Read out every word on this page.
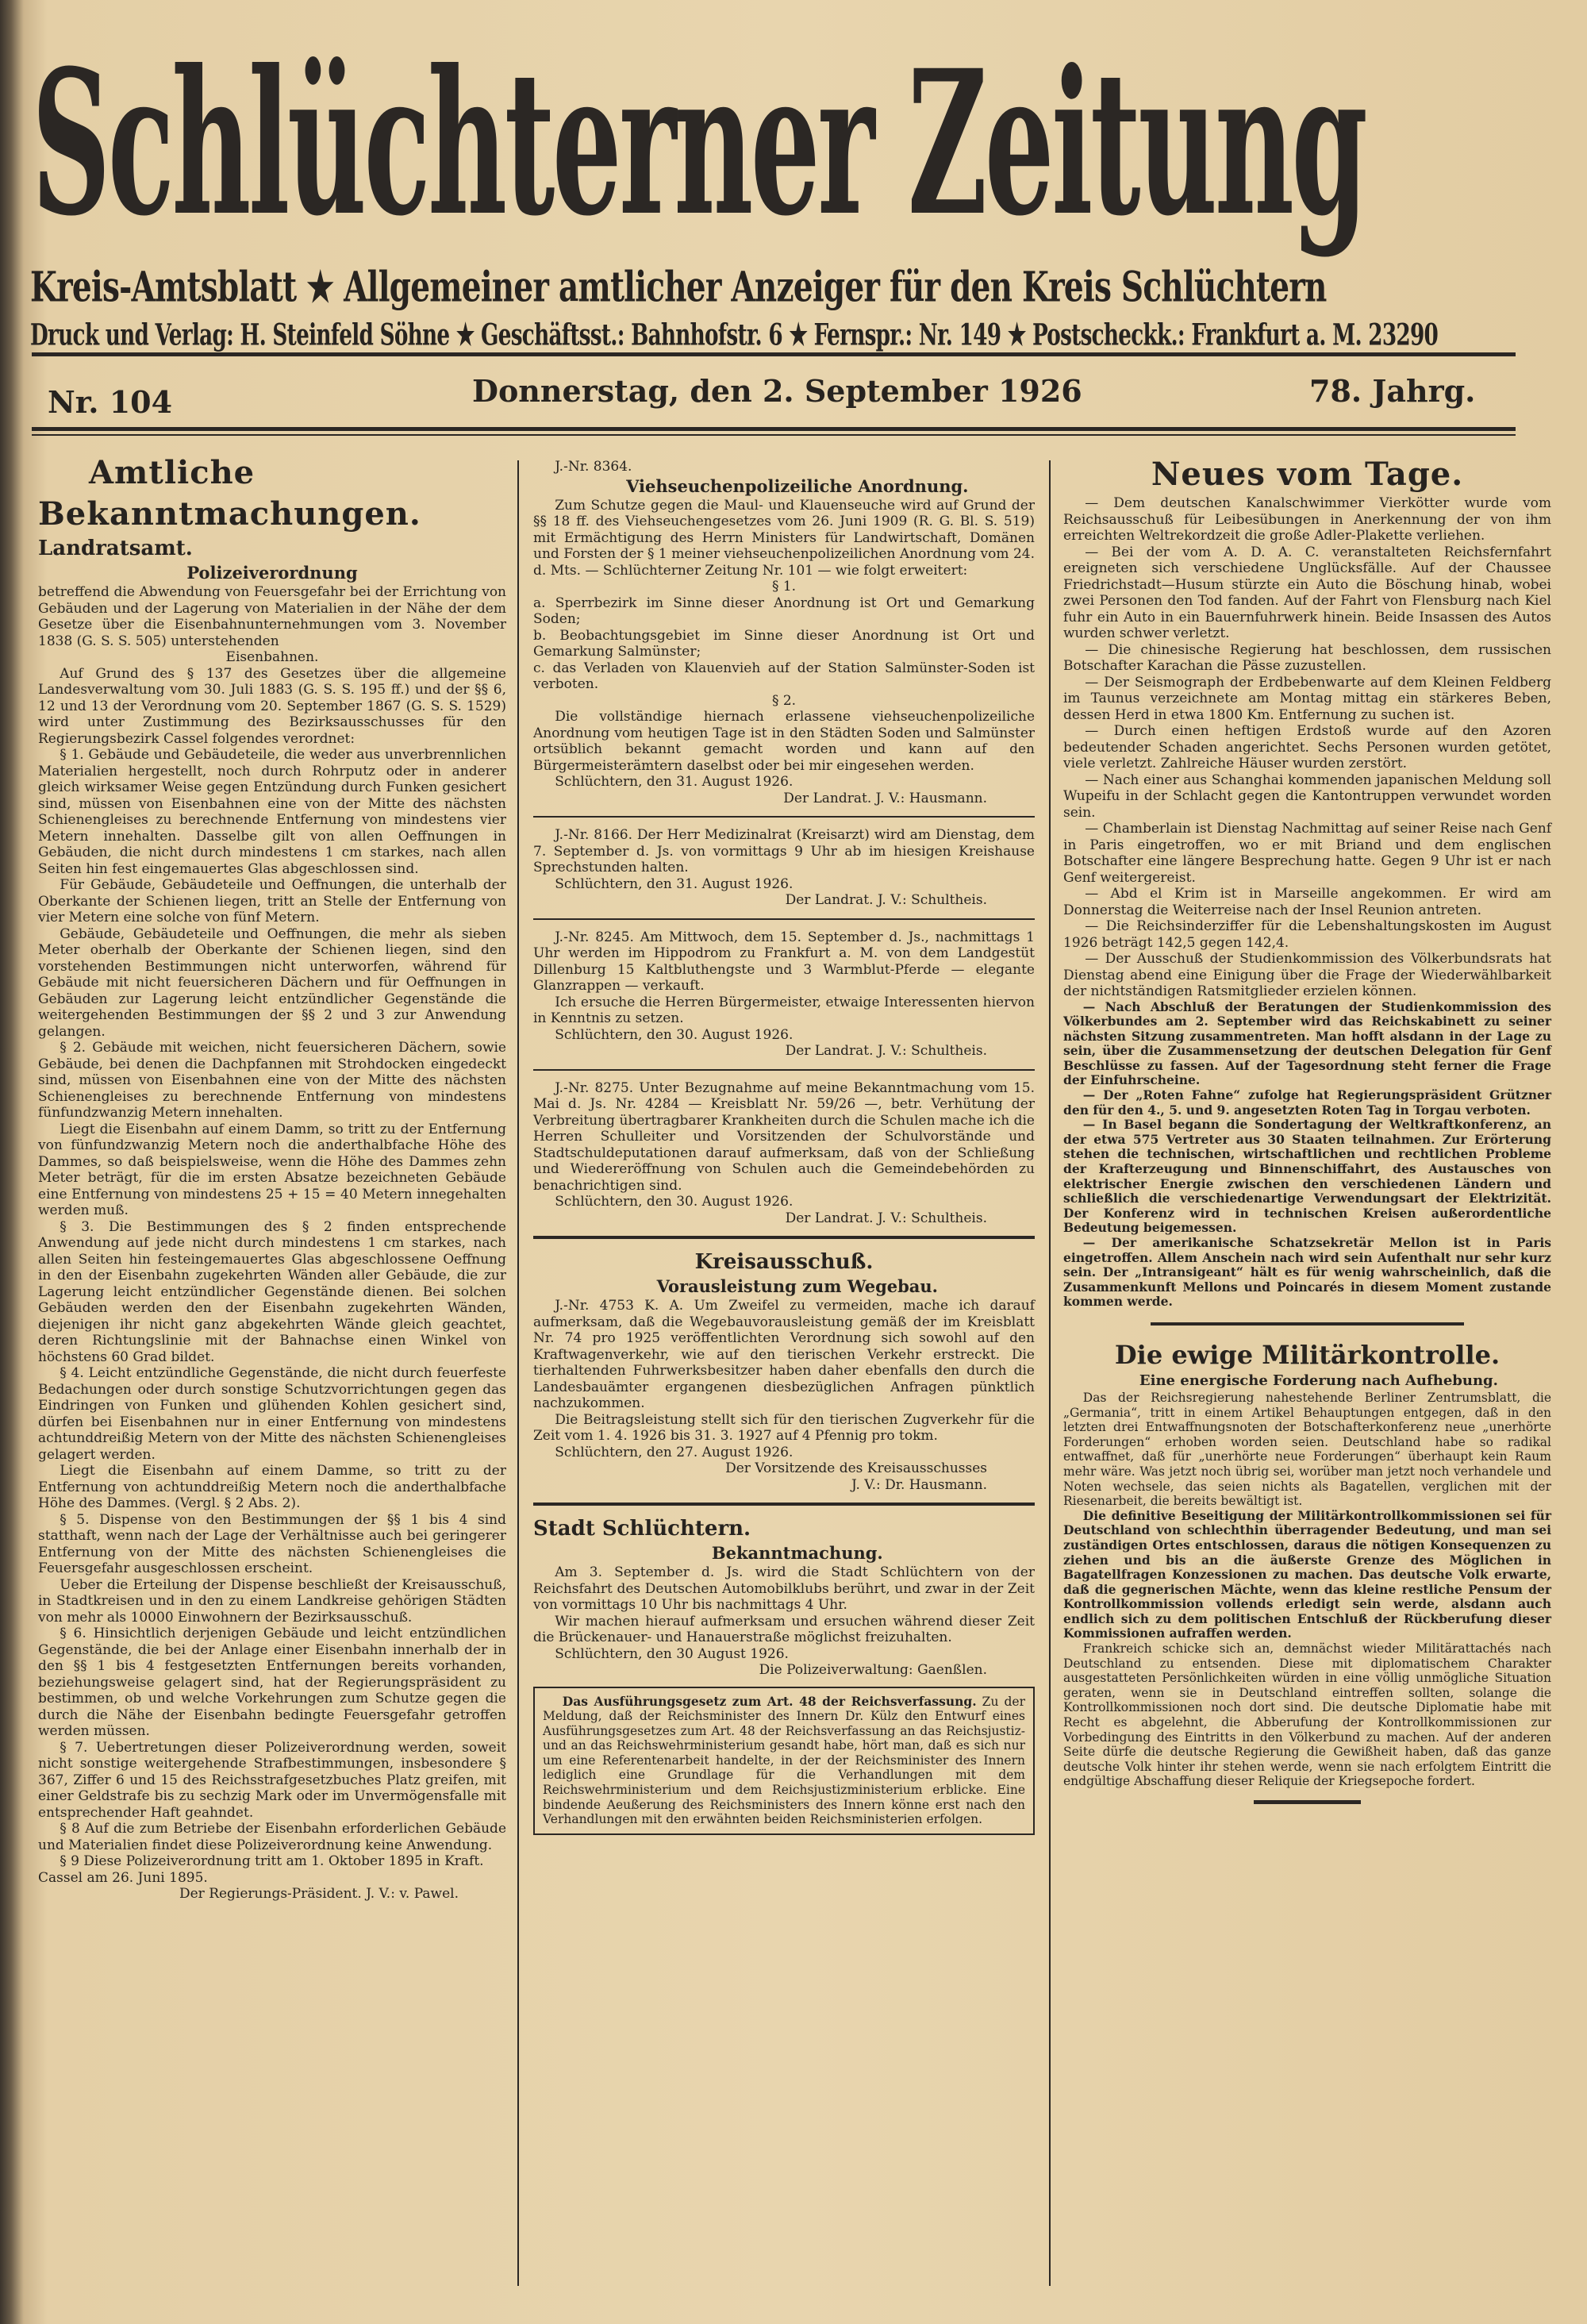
Schlüchterner Zeitung
Kreis-Amtsblatt ★ Allgemeiner amtlicher Anzeiger für den Kreis Schlüchtern
Druck und Verlag: H. Steinfeld Söhne ★ Geschäftsst.: Bahnhofstr. 6 ★ Fernspr.: Nr. 149 ★ Postscheckk.: Frankfurt a. M. 23290
Nr. 104	Donnerstag, den 2. September 1926	78. Jahrg.

Amtliche Bekanntmachungen.

Landratsamt.

Polizeiverordnung

betreffend die Abwendung von Feuersgefahr bei der Errichtung von Gebäuden und der Lagerung von Materialien in der Nähe der dem Gesetze über die Eisenbahnunternehmungen vom 3. November 1838 (G. S. S. 505) unterstehenden

Eisenbahnen.

Auf Grund des § 137 des Gesetzes über die allgemeine Landesverwaltung vom 30. Juli 1883 (G. S. S. 195 ff.) und der §§ 6, 12 und 13 der Verordnung vom 20. September 1867 (G. S. S. 1529) wird unter Zustimmung des Bezirksausschusses für den Regierungsbezirk Cassel folgendes verordnet:

§ 1. Gebäude und Gebäudeteile, die weder aus unverbrennlichen Materialien hergestellt, noch durch Rohrputz oder in anderer gleich wirksamer Weise gegen Entzündung durch Funken gesichert sind, müssen von Eisenbahnen eine von der Mitte des nächsten Schienengleises zu berechnende Entfernung von mindestens vier Metern innehalten. Dasselbe gilt von allen Oeffnungen in Gebäuden, die nicht durch mindestens 1 cm starkes, nach allen Seiten hin fest eingemauertes Glas abgeschlossen sind.

Für Gebäude, Gebäudeteile und Oeffnungen, die unterhalb der Oberkante der Schienen liegen, tritt an Stelle der Entfernung von vier Metern eine solche von fünf Metern.

Gebäude, Gebäudeteile und Oeffnungen, die mehr als sieben Meter oberhalb der Oberkante der Schienen liegen, sind den vorstehenden Bestimmungen nicht unterworfen, während für Gebäude mit nicht feuersicheren Dächern und für Oeffnungen in Gebäuden zur Lagerung leicht entzündlicher Gegenstände die weitergehenden Bestimmungen der §§ 2 und 3 zur Anwendung gelangen.

§ 2. Gebäude mit weichen, nicht feuersicheren Dächern, sowie Gebäude, bei denen die Dachpfannen mit Strohdocken eingedeckt sind, müssen von Eisenbahnen eine von der Mitte des nächsten Schienengleises zu berechnende Entfernung von mindestens fünfundzwanzig Metern innehalten.

Liegt die Eisenbahn auf einem Damm, so tritt zu der Entfernung von fünfundzwanzig Metern noch die anderthalbfache Höhe des Dammes, so daß beispielsweise, wenn die Höhe des Dammes zehn Meter beträgt, für die im ersten Absatze bezeichneten Gebäude eine Entfernung von mindestens 25 + 15 = 40 Metern innegehalten werden muß.

§ 3. Die Bestimmungen des § 2 finden entsprechende Anwendung auf jede nicht durch mindestens 1 cm starkes, nach allen Seiten hin festeingemauertes Glas abgeschlossene Oeffnung in den der Eisenbahn zugekehrten Wänden aller Gebäude, die zur Lagerung leicht entzündlicher Gegenstände dienen. Bei solchen Gebäuden werden den der Eisenbahn zugekehrten Wänden, diejenigen ihr nicht ganz abgekehrten Wände gleich geachtet, deren Richtungslinie mit der Bahnachse einen Winkel von höchstens 60 Grad bildet.

§ 4. Leicht entzündliche Gegenstände, die nicht durch feuerfeste Bedachungen oder durch sonstige Schutzvorrichtungen gegen das Eindringen von Funken und glühenden Kohlen gesichert sind, dürfen bei Eisenbahnen nur in einer Entfernung von mindestens achtunddreißig Metern von der Mitte des nächsten Schienengleises gelagert werden.

Liegt die Eisenbahn auf einem Damme, so tritt zu der Entfernung von achtunddreißig Metern noch die anderthalbfache Höhe des Dammes. (Vergl. § 2 Abs. 2).

§ 5. Dispense von den Bestimmungen der §§ 1 bis 4 sind statthaft, wenn nach der Lage der Verhältnisse auch bei geringerer Entfernung von der Mitte des nächsten Schienengleises die Feuersgefahr ausgeschlossen erscheint.

Ueber die Erteilung der Dispense beschließt der Kreisausschuß, in Stadtkreisen und in den zu einem Landkreise gehörigen Städten von mehr als 10000 Einwohnern der Bezirksausschuß.

§ 6. Hinsichtlich derjenigen Gebäude und leicht entzündlichen Gegenstände, die bei der Anlage einer Eisenbahn innerhalb der in den §§ 1 bis 4 festgesetzten Entfernungen bereits vorhanden, beziehungsweise gelagert sind, hat der Regierungspräsident zu bestimmen, ob und welche Vorkehrungen zum Schutze gegen die durch die Nähe der Eisenbahn bedingte Feuersgefahr getroffen werden müssen.

§ 7. Uebertretungen dieser Polizeiverordnung werden, soweit nicht sonstige weitergehende Strafbestimmungen, insbesondere § 367, Ziffer 6 und 15 des Reichsstrafgesetzbuches Platz greifen, mit einer Geldstrafe bis zu sechzig Mark oder im Unvermögensfalle mit entsprechender Haft geahndet.

§ 8 Auf die zum Betriebe der Eisenbahn erforderlichen Gebäude und Materialien findet diese Polizeiverordnung keine Anwendung.

§ 9 Diese Polizeiverordnung tritt am 1. Oktober 1895 in Kraft.

Cassel am 26. Juni 1895.

Der Regierungs-Präsident. J. V.: v. Pawel.

J.-Nr. 8364.

Viehseuchenpolizeiliche Anordnung.

Zum Schutze gegen die Maul- und Klauenseuche wird auf Grund der §§ 18 ff. des Viehseuchengesetzes vom 26. Juni 1909 (R. G. Bl. S. 519) mit Ermächtigung des Herrn Ministers für Landwirtschaft, Domänen und Forsten der § 1 meiner viehseuchenpolizeilichen Anordnung vom 24. d. Mts. — Schlüchterner Zeitung Nr. 101 — wie folgt erweitert:

§ 1.

a. Sperrbezirk im Sinne dieser Anordnung ist Ort und Gemarkung Soden;

b. Beobachtungsgebiet im Sinne dieser Anordnung ist Ort und Gemarkung Salmünster;

c. das Verladen von Klauenvieh auf der Station Salmünster-Soden ist verboten.

§ 2.

Die vollständige hiernach erlassene viehseuchenpolizeiliche Anordnung vom heutigen Tage ist in den Städten Soden und Salmünster ortsüblich bekannt gemacht worden und kann auf den Bürgermeisterämtern daselbst oder bei mir eingesehen werden.

Schlüchtern, den 31. August 1926.

Der Landrat. J. V.: Hausmann.

J.-Nr. 8166. Der Herr Medizinalrat (Kreisarzt) wird am Dienstag, dem 7. September d. Js. von vormittags 9 Uhr ab im hiesigen Kreishause Sprechstunden halten.

Schlüchtern, den 31. August 1926.

Der Landrat. J. V.: Schultheis.

J.-Nr. 8245. Am Mittwoch, dem 15. September d. Js., nachmittags 1 Uhr werden im Hippodrom zu Frankfurt a. M. von dem Landgestüt Dillenburg 15 Kaltbluthengste und 3 Warmblut-Pferde — elegante Glanzrappen — verkauft.

Ich ersuche die Herren Bürgermeister, etwaige Interessenten hiervon in Kenntnis zu setzen.

Schlüchtern, den 30. August 1926.

Der Landrat. J. V.: Schultheis.

J.-Nr. 8275. Unter Bezugnahme auf meine Bekanntmachung vom 15. Mai d. Js. Nr. 4284 — Kreisblatt Nr. 59/26 —, betr. Verhütung der Verbreitung übertragbarer Krankheiten durch die Schulen mache ich die Herren Schulleiter und Vorsitzenden der Schulvorstände und Stadtschuldeputationen darauf aufmerksam, daß von der Schließung und Wiedereröffnung von Schulen auch die Gemeindebehörden zu benachrichtigen sind.

Schlüchtern, den 30. August 1926.

Der Landrat. J. V.: Schultheis.

Kreisausschuß.

Vorausleistung zum Wegebau.

J.-Nr. 4753 K. A. Um Zweifel zu vermeiden, mache ich darauf aufmerksam, daß die Wegebauvorausleistung gemäß der im Kreisblatt Nr. 74 pro 1925 veröffentlichten Verordnung sich sowohl auf den Kraftwagenverkehr, wie auf den tierischen Verkehr erstreckt. Die tierhaltenden Fuhrwerksbesitzer haben daher ebenfalls den durch die Landesbauämter ergangenen diesbezüglichen Anfragen pünktlich nachzukommen.

Die Beitragsleistung stellt sich für den tierischen Zugverkehr für die Zeit vom 1. 4. 1926 bis 31. 3. 1927 auf 4 Pfennig pro tokm.

Schlüchtern, den 27. August 1926.

Der Vorsitzende des Kreisausschusses

J. V.: Dr. Hausmann.

Stadt Schlüchtern.

Bekanntmachung.

Am 3. September d. Js. wird die Stadt Schlüchtern von der Reichsfahrt des Deutschen Automobilklubs berührt, und zwar in der Zeit von vormittags 10 Uhr bis nachmittags 4 Uhr.

Wir machen hierauf aufmerksam und ersuchen während dieser Zeit die Brückenauer- und Hanauerstraße möglichst freizuhalten.

Schlüchtern, den 30 August 1926.

Die Polizeiverwaltung: Gaenßlen.

Das Ausführungsgesetz zum Art. 48 der Reichsverfassung. Zu der Meldung, daß der Reichsminister des Innern Dr. Külz den Entwurf eines Ausführungsgesetzes zum Art. 48 der Reichsverfassung an das Reichsjustiz- und an das Reichswehrministerium gesandt habe, hört man, daß es sich nur um eine Referentenarbeit handelte, in der der Reichsminister des Innern lediglich eine Grundlage für die Verhandlungen mit dem Reichswehrministerium und dem Reichsjustizministerium erblicke. Eine bindende Aeußerung des Reichsministers des Innern könne erst nach den Verhandlungen mit den erwähnten beiden Reichsministerien erfolgen.

Neues vom Tage.

— Dem deutschen Kanalschwimmer Vierkötter wurde vom Reichsausschuß für Leibesübungen in Anerkennung der von ihm erreichten Weltrekordzeit die große Adler-Plakette verliehen.

— Bei der vom A. D. A. C. veranstalteten Reichsfernfahrt ereigneten sich verschiedene Unglücksfälle. Auf der Chaussee Friedrichstadt—Husum stürzte ein Auto die Böschung hinab, wobei zwei Personen den Tod fanden. Auf der Fahrt von Flensburg nach Kiel fuhr ein Auto in ein Bauernfuhrwerk hinein. Beide Insassen des Autos wurden schwer verletzt.

— Die chinesische Regierung hat beschlossen, dem russischen Botschafter Karachan die Pässe zuzustellen.

— Der Seismograph der Erdbebenwarte auf dem Kleinen Feldberg im Taunus verzeichnete am Montag mittag ein stärkeres Beben, dessen Herd in etwa 1800 Km. Entfernung zu suchen ist.

— Durch einen heftigen Erdstoß wurde auf den Azoren bedeutender Schaden angerichtet. Sechs Personen wurden getötet, viele verletzt. Zahlreiche Häuser wurden zerstört.

— Nach einer aus Schanghai kommenden japanischen Meldung soll Wupeifu in der Schlacht gegen die Kantontruppen verwundet worden sein.

— Chamberlain ist Dienstag Nachmittag auf seiner Reise nach Genf in Paris eingetroffen, wo er mit Briand und dem englischen Botschafter eine längere Besprechung hatte. Gegen 9 Uhr ist er nach Genf weitergereist.

— Abd el Krim ist in Marseille angekommen. Er wird am Donnerstag die Weiterreise nach der Insel Reunion antreten.

— Die Reichsinderziffer für die Lebenshaltungskosten im August 1926 beträgt 142,5 gegen 142,4.

— Der Ausschuß der Studienkommission des Völkerbundsrats hat Dienstag abend eine Einigung über die Frage der Wiederwählbarkeit der nichtständigen Ratsmitglieder erzielen können.

— Nach Abschluß der Beratungen der Studienkommission des Völkerbundes am 2. September wird das Reichskabinett zu seiner nächsten Sitzung zusammentreten. Man hofft alsdann in der Lage zu sein, über die Zusammensetzung der deutschen Delegation für Genf Beschlüsse zu fassen. Auf der Tagesordnung steht ferner die Frage der Einfuhrscheine.

— Der „Roten Fahne“ zufolge hat Regierungspräsident Grützner den für den 4., 5. und 9. angesetzten Roten Tag in Torgau verboten.

— In Basel begann die Sondertagung der Weltkraftkonferenz, an der etwa 575 Vertreter aus 30 Staaten teilnahmen. Zur Erörterung stehen die technischen, wirtschaftlichen und rechtlichen Probleme der Krafterzeugung und Binnenschiffahrt, des Austausches von elektrischer Energie zwischen den verschiedenen Ländern und schließlich die verschiedenartige Verwendungsart der Elektrizität. Der Konferenz wird in technischen Kreisen außerordentliche Bedeutung beigemessen.

— Der amerikanische Schatzsekretär Mellon ist in Paris eingetroffen. Allem Anschein nach wird sein Aufenthalt nur sehr kurz sein. Der „Intransigeant“ hält es für wenig wahrscheinlich, daß die Zusammenkunft Mellons und Poincarés in diesem Moment zustande kommen werde.

Die ewige Militärkontrolle.

Eine energische Forderung nach Aufhebung.

Das der Reichsregierung nahestehende Berliner Zentrumsblatt, die „Germania“, tritt in einem Artikel Behauptungen entgegen, daß in den letzten drei Entwaffnungsnoten der Botschafterkonferenz neue „unerhörte Forderungen“ erhoben worden seien. Deutschland habe so radikal entwaffnet, daß für „unerhörte neue Forderungen“ überhaupt kein Raum mehr wäre. Was jetzt noch übrig sei, worüber man jetzt noch verhandele und Noten wechsele, das seien nichts als Bagatellen, verglichen mit der Riesenarbeit, die bereits bewältigt ist.

Die definitive Beseitigung der Militärkontrollkommissionen sei für Deutschland von schlechthin überragender Bedeutung, und man sei zuständigen Ortes entschlossen, daraus die nötigen Konsequenzen zu ziehen und bis an die äußerste Grenze des Möglichen in Bagatellfragen Konzessionen zu machen. Das deutsche Volk erwarte, daß die gegnerischen Mächte, wenn das kleine restliche Pensum der Kontrollkommission vollends erledigt sein werde, alsdann auch endlich sich zu dem politischen Entschluß der Rückberufung dieser Kommissionen aufraffen werden.

Frankreich schicke sich an, demnächst wieder Militärattachés nach Deutschland zu entsenden. Diese mit diplomatischem Charakter ausgestatteten Persönlichkeiten würden in eine völlig unmögliche Situation geraten, wenn sie in Deutschland eintreffen sollten, solange die Kontrollkommissionen noch dort sind. Die deutsche Diplomatie habe mit Recht es abgelehnt, die Abberufung der Kontrollkommissionen zur Vorbedingung des Eintritts in den Völkerbund zu machen. Auf der anderen Seite dürfe die deutsche Regierung die Gewißheit haben, daß das ganze deutsche Volk hinter ihr stehen werde, wenn sie nach erfolgtem Eintritt die endgültige Abschaffung dieser Reliquie der Kriegsepoche fordert.
